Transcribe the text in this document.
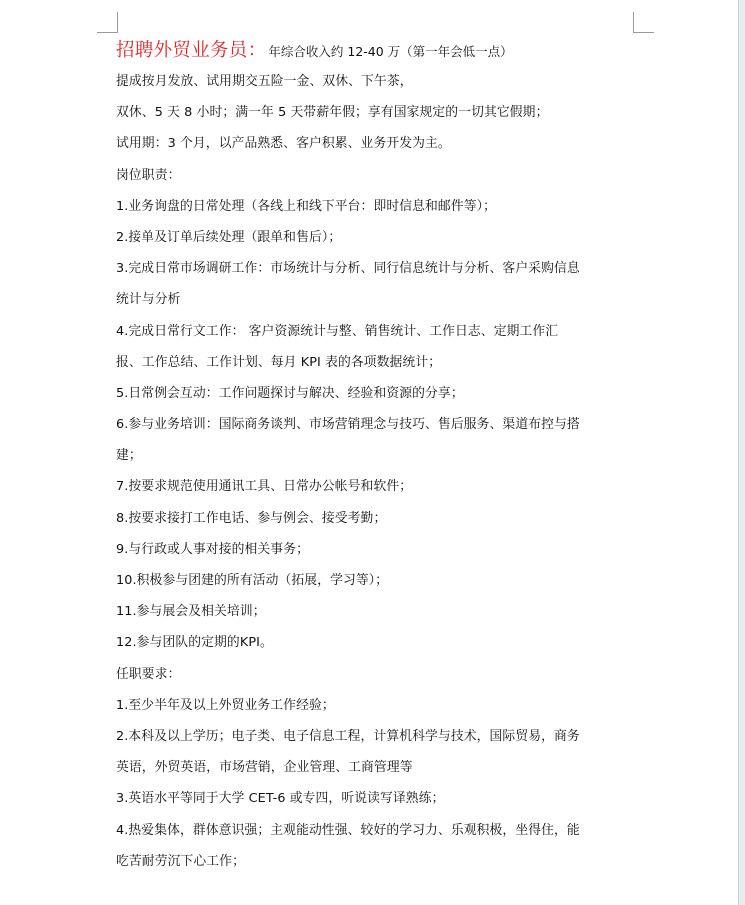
招聘外贸业务员： 年综合收入约 12-40 万（第一年会低一点）
提成按月发放、试用期交五险一金、双休、下午茶，
双休、5 天 8 小时；满一年 5 天带薪年假；享有国家规定的一切其它假期；
试用期：3 个月，以产品熟悉、客户积累、业务开发为主。
岗位职责：
1.业务询盘的日常处理（各线上和线下平台：即时信息和邮件等）；
2.接单及订单后续处理（跟单和售后）；
3.完成日常市场调研工作：市场统计与分析、同行信息统计与分析、客户采购信息
统计与分析
4.完成日常行文工作： 客户资源统计与整、销售统计、工作日志、定期工作汇
报、工作总结、工作计划、每月 KPI 表的各项数据统计；
5.日常例会互动：工作问题探讨与解决、经验和资源的分享；
6.参与业务培训：国际商务谈判、市场营销理念与技巧、售后服务、渠道布控与搭
建；
7.按要求规范使用通讯工具、日常办公帐号和软件；
8.按要求接打工作电话、参与例会、接受考勤；
9.与行政或人事对接的相关事务；
10.积极参与团建的所有活动（拓展，学习等）；
11.参与展会及相关培训；
12.参与团队的定期的KPI。
任职要求：
1.至少半年及以上外贸业务工作经验；
2.本科及以上学历；电子类、电子信息工程，计算机科学与技术，国际贸易，商务
英语，外贸英语，市场营销，企业管理、工商管理等
3.英语水平等同于大学 CET-6 或专四，听说读写译熟练；
4.热爱集体，群体意识强；主观能动性强、较好的学习力、乐观积极，坐得住，能
吃苦耐劳沉下心工作；
